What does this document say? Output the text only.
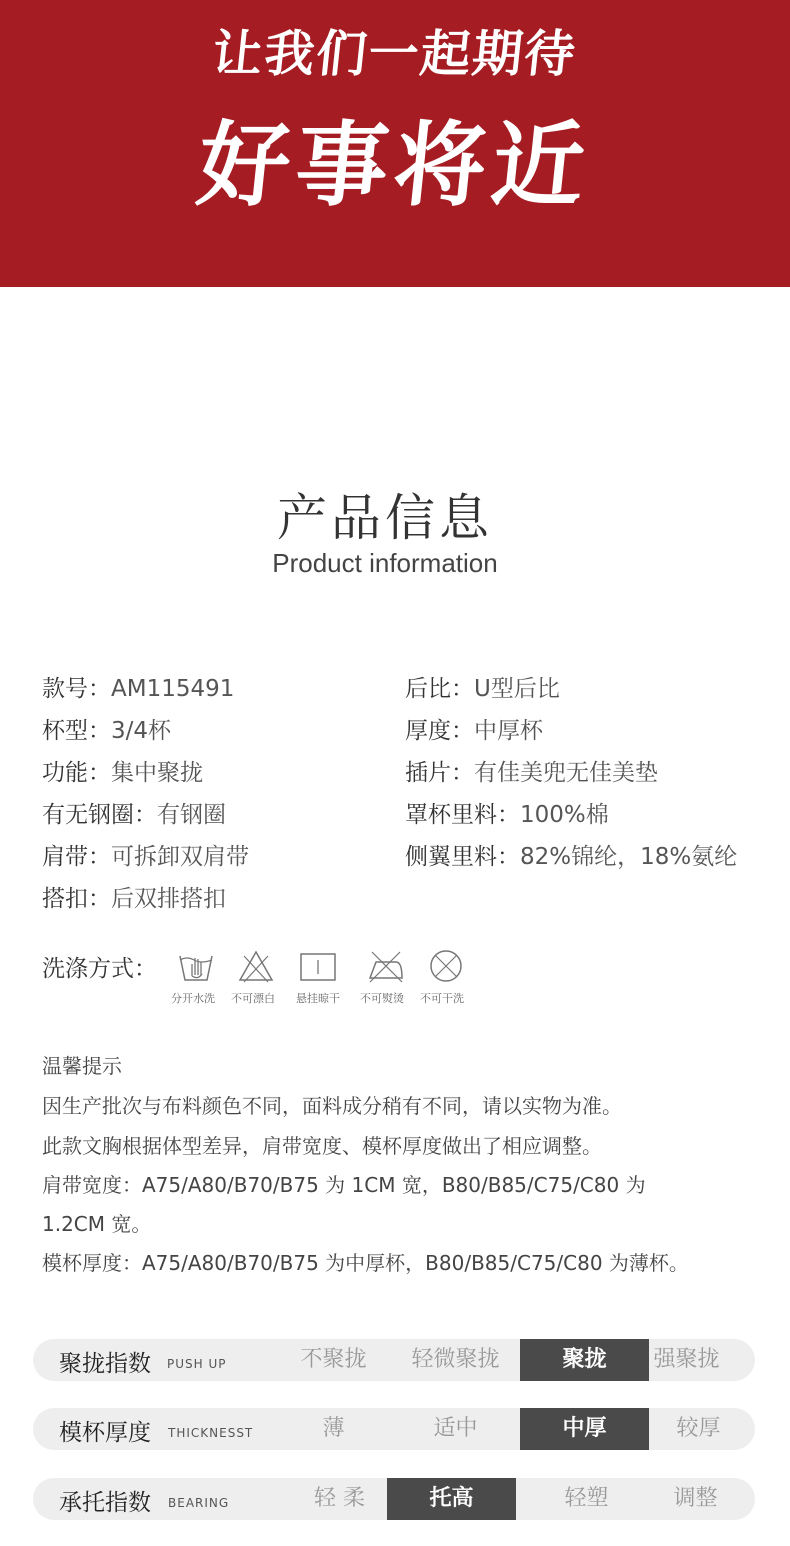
让我们一起期待
好事将近
产品信息
Product information
款号：AM115491
杯型：3/4杯
功能：集中聚拢
有无钢圈：有钢圈
肩带：可拆卸双肩带
搭扣：后双排搭扣
后比：U型后比
厚度：中厚杯
插片：有佳美兜无佳美垫
罩杯里料：100%棉
侧翼里料：82%锦纶，18%氨纶
洗涤方式：
分开水洗 不可漂白 悬挂晾干 不可熨烫 不可干洗
温馨提示
因生产批次与布料颜色不同，面料成分稍有不同，请以实物为准。
此款文胸根据体型差异，肩带宽度、模杯厚度做出了相应调整。
肩带宽度：A75/A80/B70/B75 为 1CM 宽，B80/B85/C75/C80 为
1.2CM 宽。
模杯厚度：A75/A80/B70/B75 为中厚杯，B80/B85/C75/C80 为薄杯。
聚拢指数 PUSH UP	不聚拢	轻微聚拢	聚拢	强聚拢
模杯厚度 THICKNESST	薄	适中	中厚	较厚
承托指数 BEARING	轻 柔	托高	轻塑	调整
